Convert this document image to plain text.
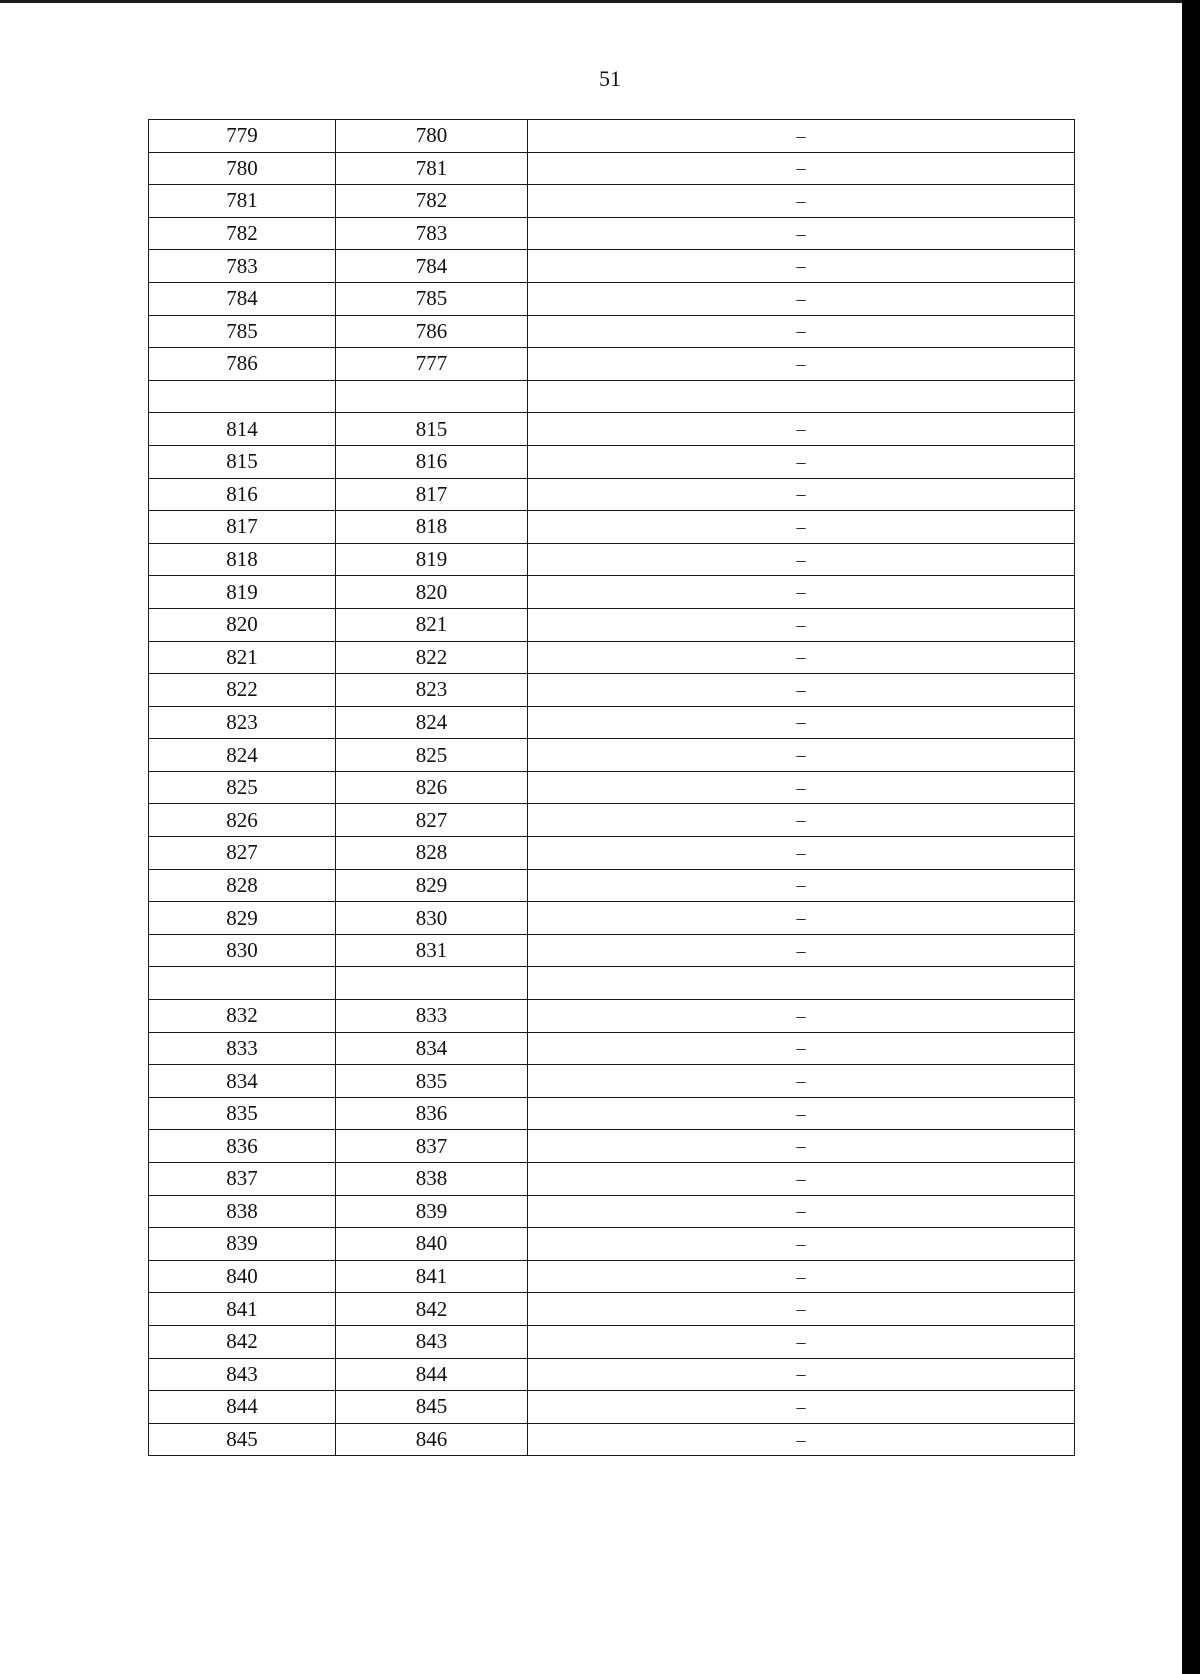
51
779	780	–
780	781	–
781	782	–
782	783	–
783	784	–
784	785	–
785	786	–
786	777	–

814	815	–
815	816	–
816	817	–
817	818	–
818	819	–
819	820	–
820	821	–
821	822	–
822	823	–
823	824	–
824	825	–
825	826	–
826	827	–
827	828	–
828	829	–
829	830	–
830	831	–

832	833	–
833	834	–
834	835	–
835	836	–
836	837	–
837	838	–
838	839	–
839	840	–
840	841	–
841	842	–
842	843	–
843	844	–
844	845	–
845	846	–
